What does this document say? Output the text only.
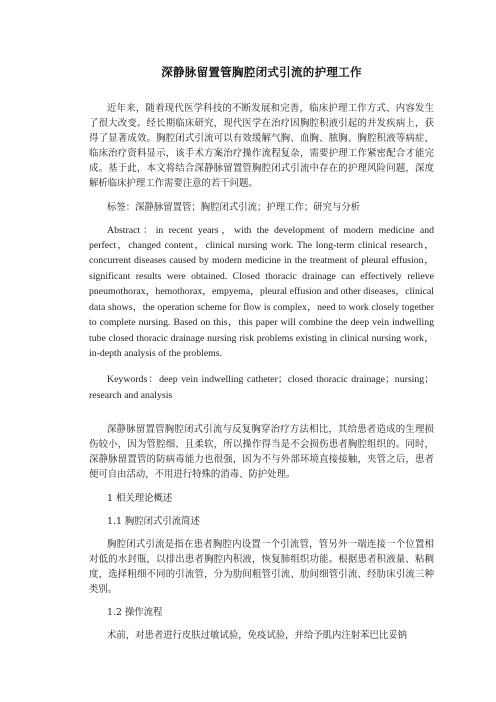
深静脉留置管胸腔闭式引流的护理工作

近年来，随着现代医学科技的不断发展和完善，临床护理工作方式、内容发生了很大改变。经长期临床研究，现代医学在治疗因胸腔积液引起的并发疾病上，获得了显著成效。胸腔闭式引流可以有效缓解气胸、血胸、脓胸、胸腔积液等病症，临床治疗资料显示，该手术方案治疗操作流程复杂，需要护理工作紧密配合才能完成。基于此，本文将结合深静脉留置管胸腔闭式引流中存在的护理风险问题，深度解析临床护理工作需要注意的若干问题。

标签：深静脉留置管；胸腔闭式引流；护理工作；研究与分析

Abstract：in recent years，with the development of modern medicine and perfect，changed content，clinical nursing work. The long-term clinical research，concurrent diseases caused by modern medicine in the treatment of pleural effusion，significant results were obtained. Closed thoracic drainage can effectively relieve pneumothorax，hemothorax，empyema，pleural effusion and other diseases，clinical data shows，the operation scheme for flow is complex，need to work closely together to complete nursing. Based on this，this paper will combine the deep vein indwelling tube closed thoracic drainage nursing risk problems existing in clinical nursing work，in-depth analysis of the problems.

Keywords：deep vein indwelling catheter；closed thoracic drainage；nursing；research and analysis

深静脉留置管胸腔闭式引流与反复胸穿治疗方法相比，其给患者造成的生理损伤较小，因为管腔细、且柔软，所以操作得当是不会损伤患者胸腔组织的。同时，深静脉留置管的防病毒能力也很强，因为不与外部环境直接接触，夹管之后，患者便可自由活动，不用进行特殊的消毒、防护处理。

1 相关理论概述

1.1 胸腔闭式引流简述

胸腔闭式引流是指在患者胸腔内设置一个引流管，管另外一端连接一个位置相对低的水封瓶，以排出患者胸腔内积液，恢复肺组织功能。根据患者积液量、粘稠度，选择粗细不同的引流管，分为肋间粗管引流、肋间细管引流、经肋床引流三种类别。

1.2 操作流程

术前，对患者进行皮肤过敏试验，免疫试验，并给予肌内注射苯巴比妥钠
